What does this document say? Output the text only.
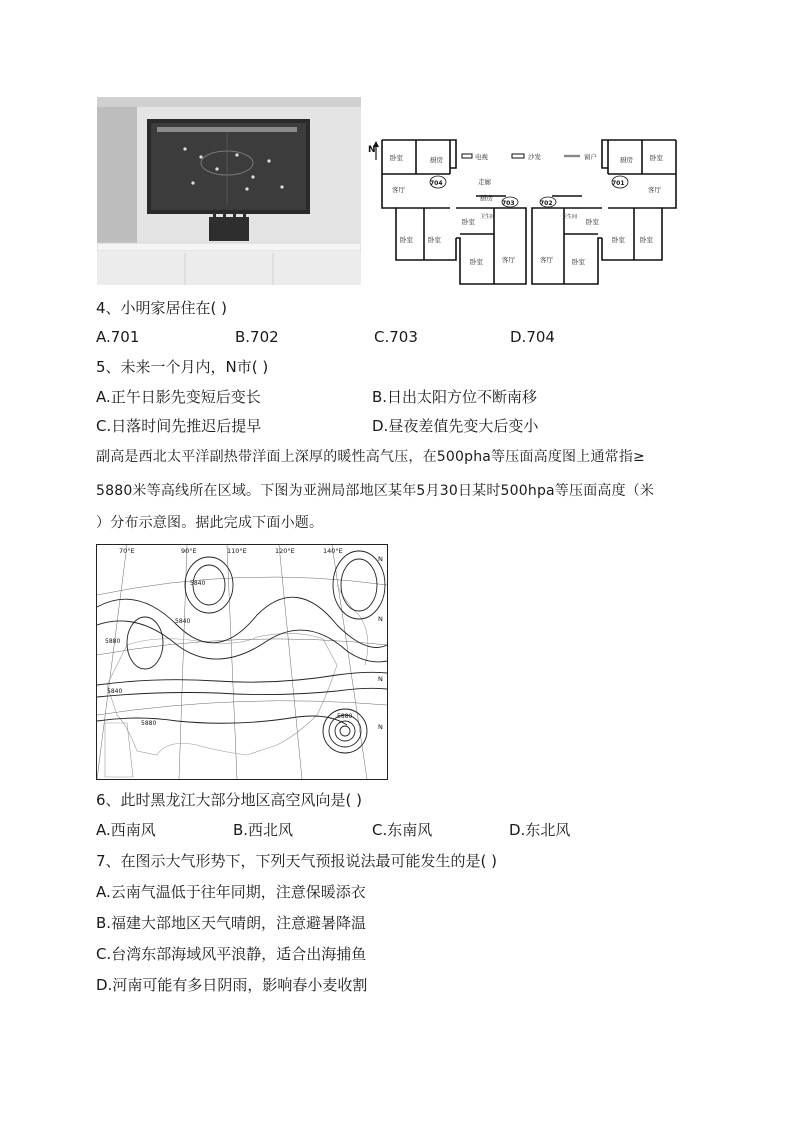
N
电视	沙发	窗户
卧室	厨房
客厅
卧室 卧室
卧室
厨房
卫生间
卧室	客厅
走廊
客厅	卧室
卫生间
卧室
厨房	卧室
客厅
卧室 卧室
704
703	702
701
4、小明家居住在( )
A.701	B.702	C.703	D.704
5、未来一个月内，N市( )
A.正午日影先变短后变长	B.日出太阳方位不断南移
C.日落时间先推迟后提早	D.昼夜差值先变大后变小
副高是西北太平洋副热带洋面上深厚的暖性高气压，在500pha等压面高度图上通常指≥
5880米等高线所在区域。下图为亚洲局部地区某年5月30日某时500hpa等压面高度（米
）分布示意图。据此完成下面小题。
70°E	90°E	110°E	120°E	140°E
N
N
N
N
5840
5880
5840
5880
5880
5840
6、此时黑龙江大部分地区高空风向是( )
A.西南风	B.西北风	C.东南风	D.东北风
7、在图示大气形势下，下列天气预报说法最可能发生的是( )
A.云南气温低于往年同期，注意保暖添衣
B.福建大部地区天气晴朗，注意避暑降温
C.台湾东部海域风平浪静，适合出海捕鱼
D.河南可能有多日阴雨，影响春小麦收割
